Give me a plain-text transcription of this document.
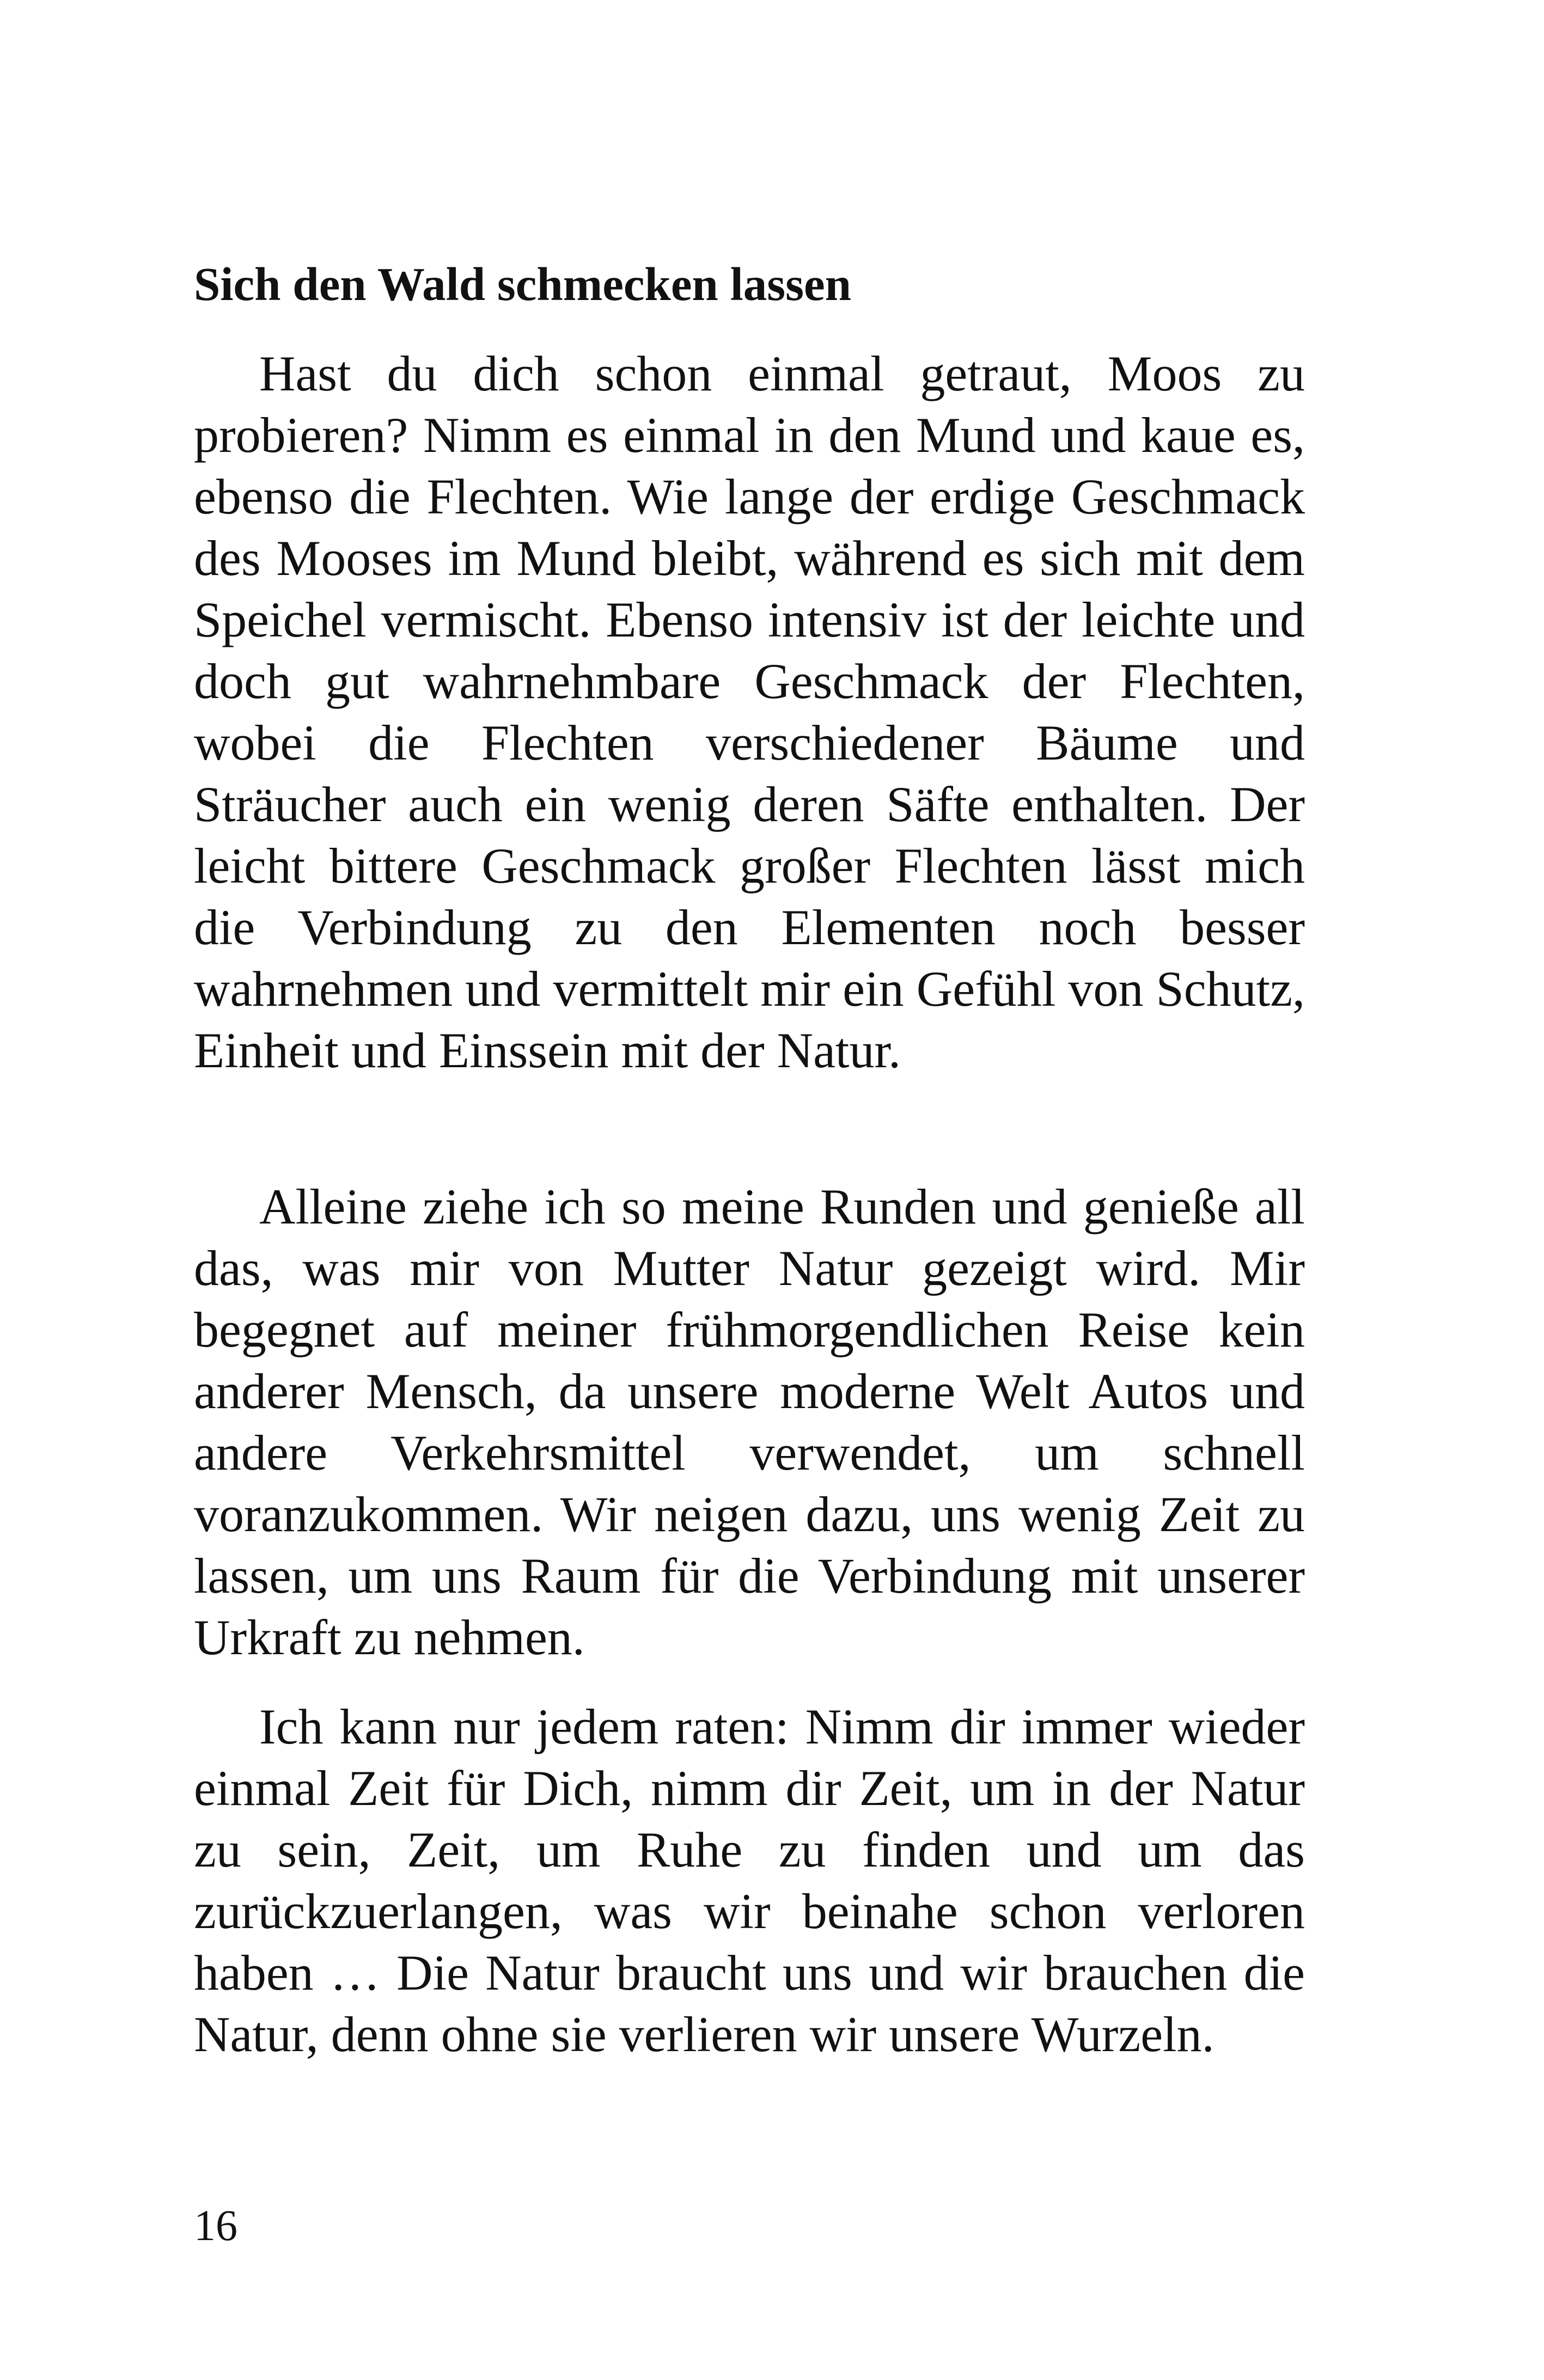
Sich den Wald schmecken lassen

Hast du dich schon einmal getraut, Moos zu probieren? Nimm es einmal in den Mund und kaue es, ebenso die Flechten. Wie lange der erdige Geschmack des Mooses im Mund bleibt, während es sich mit dem Speichel vermischt. Ebenso intensiv ist der leichte und doch gut wahrnehmbare Geschmack der Flechten, wobei die Flechten verschiedener Bäume und Sträucher auch ein wenig deren Säfte enthalten. Der leicht bittere Geschmack großer Flechten lässt mich die Verbindung zu den Elementen noch besser wahrnehmen und vermittelt mir ein Gefühl von Schutz, Einheit und Einssein mit der Natur.

Alleine ziehe ich so meine Runden und genieße all das, was mir von Mutter Natur gezeigt wird. Mir begegnet auf meiner frühmorgendlichen Reise kein anderer Mensch, da unsere moderne Welt Autos und andere Verkehrsmittel verwendet, um schnell voranzukommen. Wir neigen dazu, uns wenig Zeit zu lassen, um uns Raum für die Verbindung mit unserer Urkraft zu nehmen.

Ich kann nur jedem raten: Nimm dir immer wieder einmal Zeit für Dich, nimm dir Zeit, um in der Natur zu sein, Zeit, um Ruhe zu finden und um das zurückzuerlangen, was wir beinahe schon verloren haben … Die Natur braucht uns und wir brauchen die Natur, denn ohne sie verlieren wir unsere Wurzeln.

16
